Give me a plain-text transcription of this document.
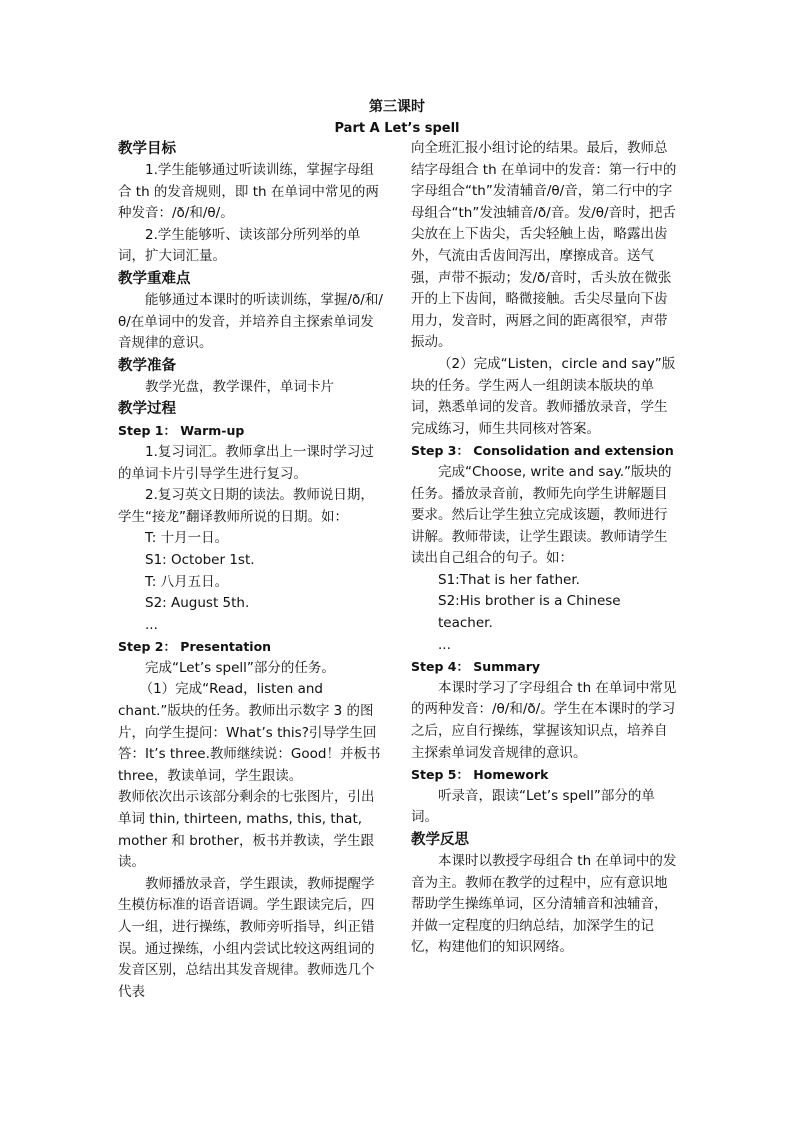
第三课时
Part A Let’s spell

教学目标

1.学生能够通过听读训练，掌握字母组合 th 的发音规则，即 th 在单词中常见的两种发音：/ð/和/θ/。

2.学生能够听、读该部分所列举的单词，扩大词汇量。

教学重难点

能够通过本课时的听读训练，掌握/ð/和/θ/在单词中的发音，并培养自主探索单词发音规律的意识。

教学准备

教学光盘，教学课件，单词卡片

教学过程

Step 1： Warm-up

1.复习词汇。教师拿出上一课时学习过的单词卡片引导学生进行复习。

2.复习英文日期的读法。教师说日期，学生“接龙”翻译教师所说的日期。如：

T: 十月一日。

S1: October 1st.

T: 八月五日。

S2: August 5th.

...

Step 2： Presentation

完成“Let’s spell”部分的任务。

（1）完成“Read，listen and chant.”版块的任务。教师出示数字 3 的图片，向学生提问：What’s this?引导学生回答：It’s three.教师继续说：Good！并板书 three，教读单词，学生跟读。

教师依次出示该部分剩余的七张图片，引出单词 thin, thirteen, maths, this, that, mother 和 brother，板书并教读，学生跟读。

教师播放录音，学生跟读，教师提醒学生模仿标准的语音语调。学生跟读完后，四人一组，进行操练，教师旁听指导，纠正错误。通过操练，小组内尝试比较这两组词的发音区别，总结出其发音规律。教师选几个代表

向全班汇报小组讨论的结果。最后，教师总结字母组合 th 在单词中的发音：第一行中的字母组合“th”发清辅音/θ/音，第二行中的字母组合“th”发浊辅音/ð/音。发/θ/音时，把舌尖放在上下齿尖，舌尖轻触上齿，略露出齿外，气流由舌齿间泻出，摩擦成音。送气强，声带不振动；发/ð/音时，舌头放在微张开的上下齿间，略微接触。舌尖尽量向下齿用力，发音时，两唇之间的距离很窄，声带振动。

（2）完成“Listen，circle and say”版块的任务。学生两人一组朗读本版块的单词，熟悉单词的发音。教师播放录音，学生完成练习，师生共同核对答案。

Step 3： Consolidation and extension

完成“Choose, write and say.”版块的任务。播放录音前，教师先向学生讲解题目要求。然后让学生独立完成该题，教师进行讲解。教师带读，让学生跟读。教师请学生读出自己组合的句子。如：

S1:That is her father.

S2:His brother is a Chinese teacher.

...

Step 4： Summary

本课时学习了字母组合 th 在单词中常见的两种发音：/θ/和/ð/。学生在本课时的学习之后，应自行操练，掌握该知识点，培养自主探索单词发音规律的意识。

Step 5： Homework

听录音，跟读“Let’s spell”部分的单词。

教学反思

本课时以教授字母组合 th 在单词中的发音为主。教师在教学的过程中，应有意识地帮助学生操练单词，区分清辅音和浊辅音，并做一定程度的归纳总结，加深学生的记忆，构建他们的知识网络。
